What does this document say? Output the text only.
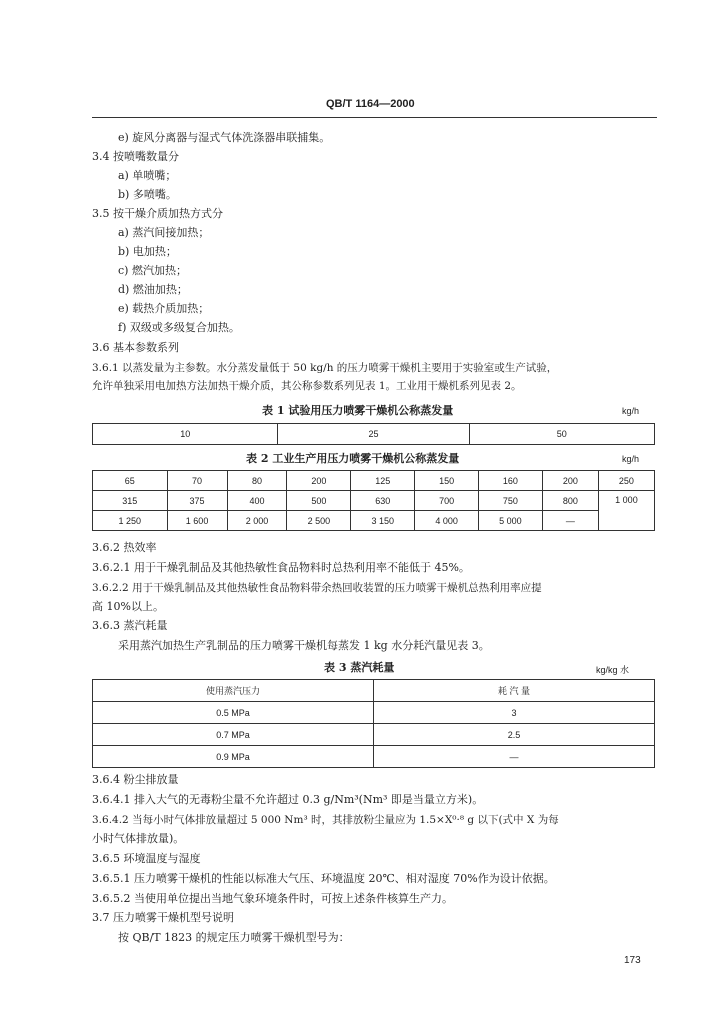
QB/T 1164—2000
e) 旋风分离器与湿式气体洗涤器串联捕集。
3.4 按喷嘴数量分
a) 单喷嘴；
b) 多喷嘴。
3.5 按干燥介质加热方式分
a) 蒸汽间接加热；
b) 电加热；
c) 燃汽加热；
d) 燃油加热；
e) 载热介质加热；
f) 双级或多级复合加热。
3.6 基本参数系列
3.6.1 以蒸发量为主参数。水分蒸发量低于 50 kg/h 的压力喷雾干燥机主要用于实验室或生产试验，
允许单独采用电加热方法加热干燥介质，其公称参数系列见表 1。工业用干燥机系列见表 2。
表 1 试验用压力喷雾干燥机公称蒸发量	kg/h
10	25	50
表 2 工业生产用压力喷雾干燥机公称蒸发量	kg/h
65	70	80	200	125	150	160	200	250
315	375	400	500	630	700	750	800	1 000
1 250	1 600	2 000	2 500	3 150	4 000	5 000	—	
3.6.2 热效率
3.6.2.1 用于干燥乳制品及其他热敏性食品物料时总热利用率不能低于 45%。
3.6.2.2 用于干燥乳制品及其他热敏性食品物料带余热回收装置的压力喷雾干燥机总热利用率应提
高 10%以上。
3.6.3 蒸汽耗量
采用蒸汽加热生产乳制品的压力喷雾干燥机每蒸发 1 kg 水分耗汽量见表 3。
表 3 蒸汽耗量	kg/kg 水
使用蒸汽压力	耗 汽 量
0.5 MPa	3
0.7 MPa	2.5
0.9 MPa	—
3.6.4 粉尘排放量
3.6.4.1 排入大气的无毒粉尘量不允许超过 0.3 g/Nm³(Nm³ 即是当量立方米)。
3.6.4.2 当每小时气体排放量超过 5 000 Nm³ 时，其排放粉尘量应为 1.5×X⁰·⁸ g 以下(式中 X 为每
小时气体排放量)。
3.6.5 环境温度与湿度
3.6.5.1 压力喷雾干燥机的性能以标准大气压、环境温度 20℃、相对湿度 70%作为设计依据。
3.6.5.2 当使用单位提出当地气象环境条件时，可按上述条件核算生产力。
3.7 压力喷雾干燥机型号说明
按 QB/T 1823 的规定压力喷雾干燥机型号为：
173
